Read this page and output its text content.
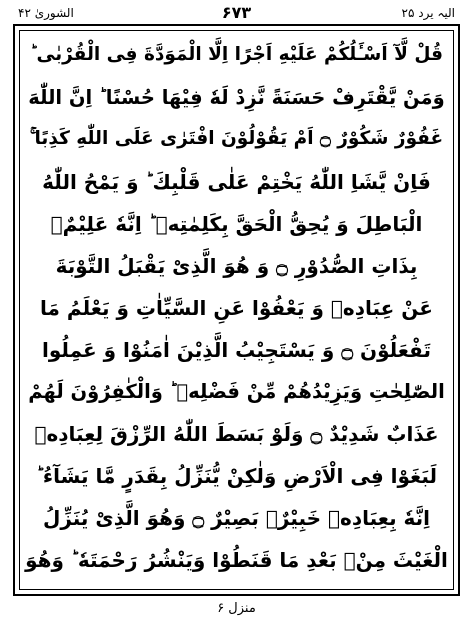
الشوریٰ ۴۲	۶۷۳	الیہ یرد ۲۵
قُلْ لَّآ اَسْـَٔلُکُمْ عَلَیْهِ اَجْرًا اِلَّا الْمَوَدَّةَ فِی الْقُرْبٰی ؕ
وَمَنْ یَّقْتَرِفْ حَسَنَةً نَّزِدْ لَهٗ فِیْهَا حُسْنًا ؕ اِنَّ اللّٰهَ
غَفُوْرٌ شَكُوْرٌ ۝ اَمْ یَقُوْلُوْنَ افْتَرٰی عَلَی اللّٰهِ كَذِبًا ۚ
فَاِنْ یَّشَاِ اللّٰهُ یَخْتِمْ عَلٰی قَلْبِكَ ؕ وَ یَمْحُ اللّٰهُ
الْبَاطِلَ وَ یُحِقُّ الْحَقَّ بِكَلِمٰتِهٖ ؕ اِنَّهٗ عَلِیْمٌۢ
بِذَاتِ الصُّدُوْرِ ۝ وَ هُوَ الَّذِیْ یَقْبَلُ التَّوْبَةَ
عَنْ عِبَادِهٖ وَ یَعْفُوْا عَنِ السَّیِّاٰتِ وَ یَعْلَمُ مَا
تَفْعَلُوْنَ ۝ وَ یَسْتَجِیْبُ الَّذِیْنَ اٰمَنُوْا وَ عَمِلُوا
الصّٰلِحٰتِ وَیَزِیْدُهُمْ مِّنْ فَضْلِهٖ ؕ وَالْكٰفِرُوْنَ لَهُمْ
عَذَابٌ شَدِیْدٌ ۝ وَلَوْ بَسَطَ اللّٰهُ الرِّزْقَ لِعِبَادِهٖ
لَبَغَوْا فِی الْاَرْضِ وَلٰكِنْ یُّنَزِّلُ بِقَدَرٍ مَّا یَشَآءُ ؕ
اِنَّهٗ بِعِبَادِهٖ خَبِیْرٌۢ بَصِیْرٌ ۝ وَهُوَ الَّذِیْ یُنَزِّلُ
الْغَیْثَ مِنْۢ بَعْدِ مَا قَنَطُوْا وَیَنْشُرُ رَحْمَتَهٗ ؕ وَهُوَ
منزل ۶
